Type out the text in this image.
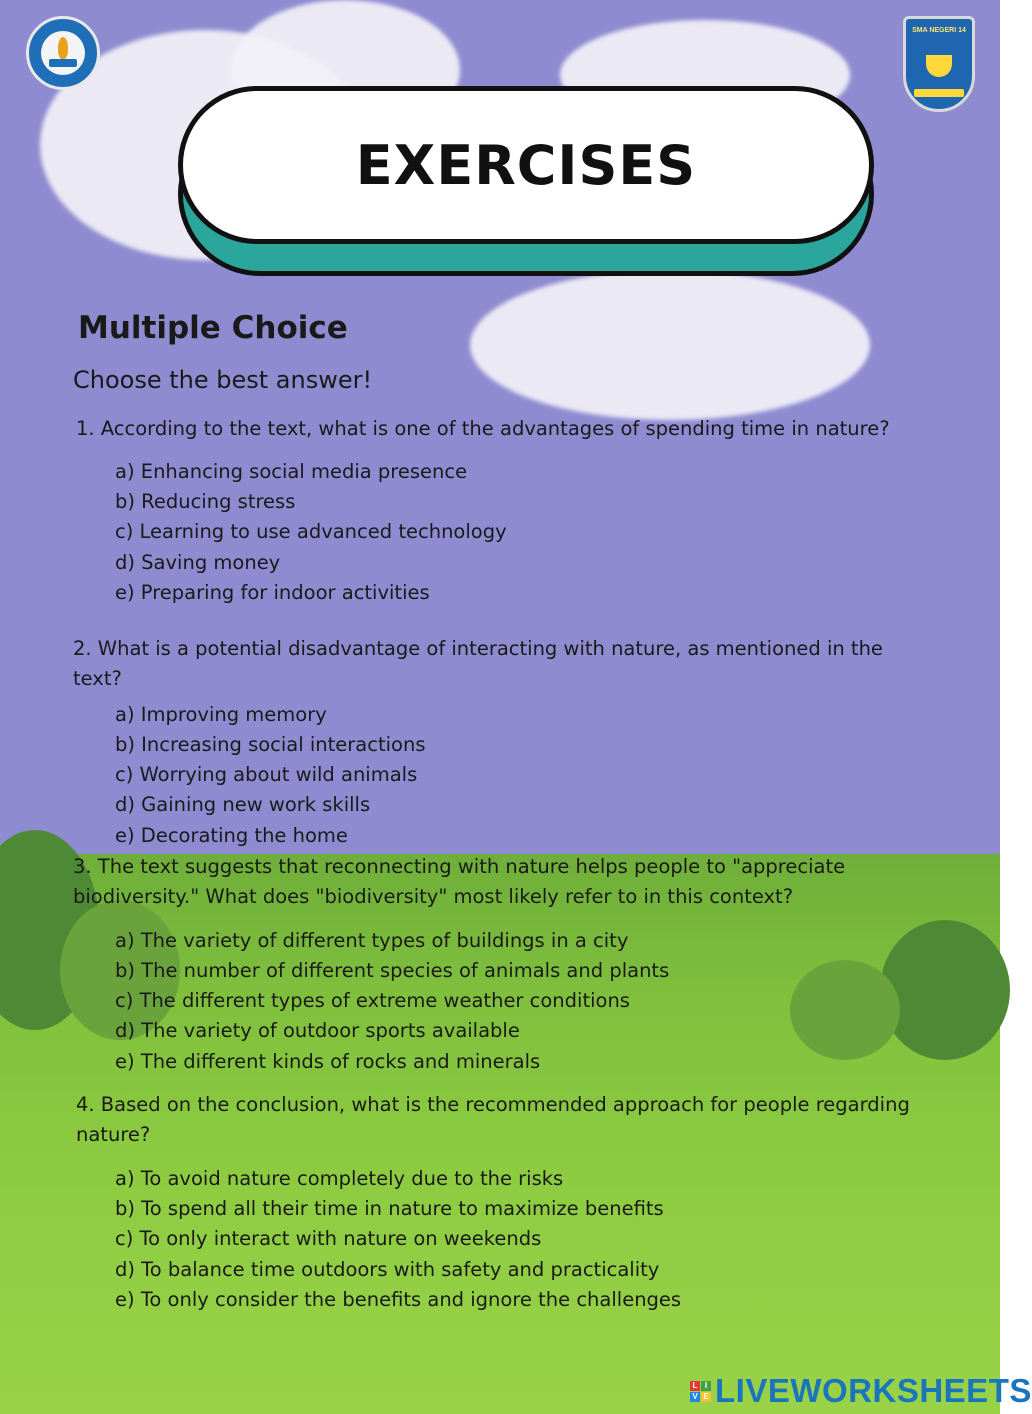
SMA NEGERI 14
EXERCISES
Multiple Choice
Choose the best answer!
1. According to the text, what is one of the advantages of spending time in nature?
a) Enhancing social media presence
b) Reducing stress
c) Learning to use advanced technology
d) Saving money
e) Preparing for indoor activities
2. What is a potential disadvantage of interacting with nature, as mentioned in the text?
a) Improving memory
b) Increasing social interactions
c) Worrying about wild animals
d) Gaining new work skills
e) Decorating the home
3. The text suggests that reconnecting with nature helps people to "appreciate biodiversity." What does "biodiversity" most likely refer to in this context?
a) The variety of different types of buildings in a city
b) The number of different species of animals and plants
c) The different types of extreme weather conditions
d) The variety of outdoor sports available
e) The different kinds of rocks and minerals
4. Based on the conclusion, what is the recommended approach for people regarding nature?
a) To avoid nature completely due to the risks
b) To spend all their time in nature to maximize benefits
c) To only interact with nature on weekends
d) To balance time outdoors with safety and practicality
e) To only consider the benefits and ignore the challenges
L I
V E LIVEWORKSHEETS
